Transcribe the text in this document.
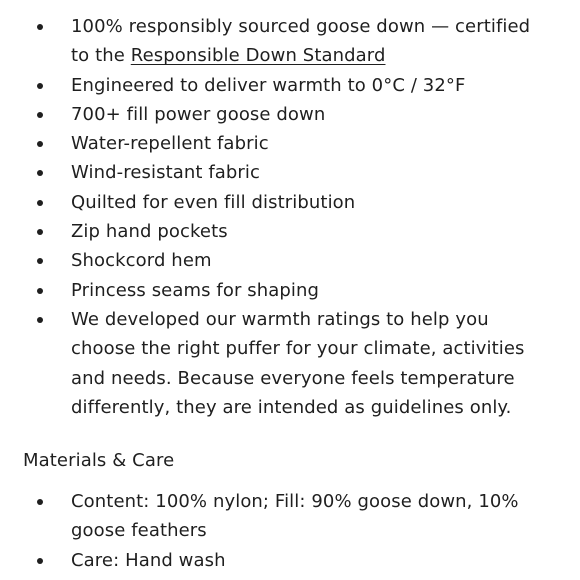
100% responsibly sourced goose down — certified to the Responsible Down Standard
Engineered to deliver warmth to 0°C / 32°F
700+ fill power goose down
Water-repellent fabric
Wind-resistant fabric
Quilted for even fill distribution
Zip hand pockets
Shockcord hem
Princess seams for shaping
We developed our warmth ratings to help you choose the right puffer for your climate, activities and needs. Because everyone feels temperature differently, they are intended as guidelines only.
Materials & Care
Content: 100% nylon; Fill: 90% goose down, 10% goose feathers
Care: Hand wash
